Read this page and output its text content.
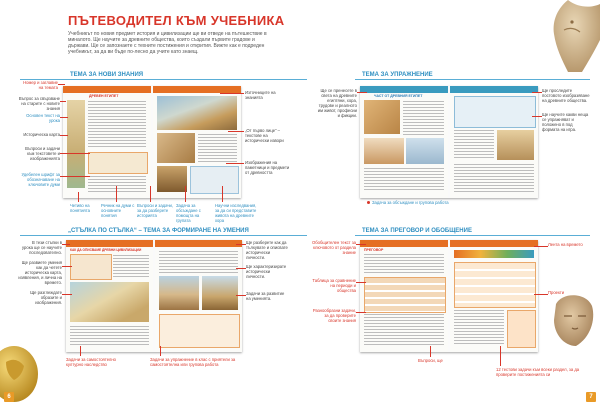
ПЪТЕВОДИТЕЛ КЪМ УЧЕБНИКА
Учебникът по новия предмет история и цивилизации ще ви отведе на пътешествие в миналото. Ще научите за древните общества, които създали първите градове и държави. Ще се запознаете с техните постижения и открития. Вижте как е подреден учебникът, за да ви бъде по-лесно да учите като знаещ.
ТЕМА ЗА НОВИ ЗНАНИЯ
ДРЕВЕН ЕГИПЕТ
Номер и заглавие на темата
Въпрос за свързване на старите с новите знания
Основен текст на урока
Историческа карта
Въпроси и задачи към текстовете и изображенията
Удебелен шрифт за обозначаване на ключовите думи
Източниците на знанията
„От първо лице“ – текстове на исторически извори
Изображения на паметници и предмети от древността
Четиво на понятията
Речник на думи с основните понятия
Въпроси и задачи, за да разберете историята
Задача за обсъждане с помощта на групата
Научни изследвания, за да си представите живота на древните хора
ТЕМА ЗА УПРАЖНЕНИЕ
ЧАСТ ОТ ДРЕВНИЯ ЕГИПЕТ
Ще се пренесете в света на древните египтяни, хора, трудове и реалното им живот, професии и фикции.
Ще проследите постовото изобразяване на древните общества.
Ще научите какви неща се упражняват и положено в под формата на игра.
Задача за обсъждане и групова работа
„СТЪЛКА ПО СТЪЛКА“ – ТЕМА ЗА ФОРМИРАНЕ НА УМЕНИЯ
КАК ДА ОПИСВАМЕ ДРЕВНИ ЦИВИЛИЗАЦИИ
В тези стъпки в урока ще се научите последователно.
Ще развиете умения как да четете историческа карта, изявления, и лична на времето.
Ще разглеждате образите и изображения.
Ще разберете как да тълкувате и описвате исторически личности.
Ще характеризирате исторически личности.
Задачи за развитие на уменията.
Задачи за самостоятелно културно наследство
Задачи за упражнение в клас с приятели за самостоятелна или групова работа
ТЕМА ЗА ПРЕГОВОР И ОБОБЩЕНИЕ
ПРЕГОВОР
Обобщителен текст за ключовото от раздела знание
Таблица за сравнение на периоди и общества
Разнообразни задачи, за да проверите своите знания
Лента на времето
Проекти
Въпроси, ще
12 тестови задачи към всеки раздел, за да проверите постиженията си
6	7
